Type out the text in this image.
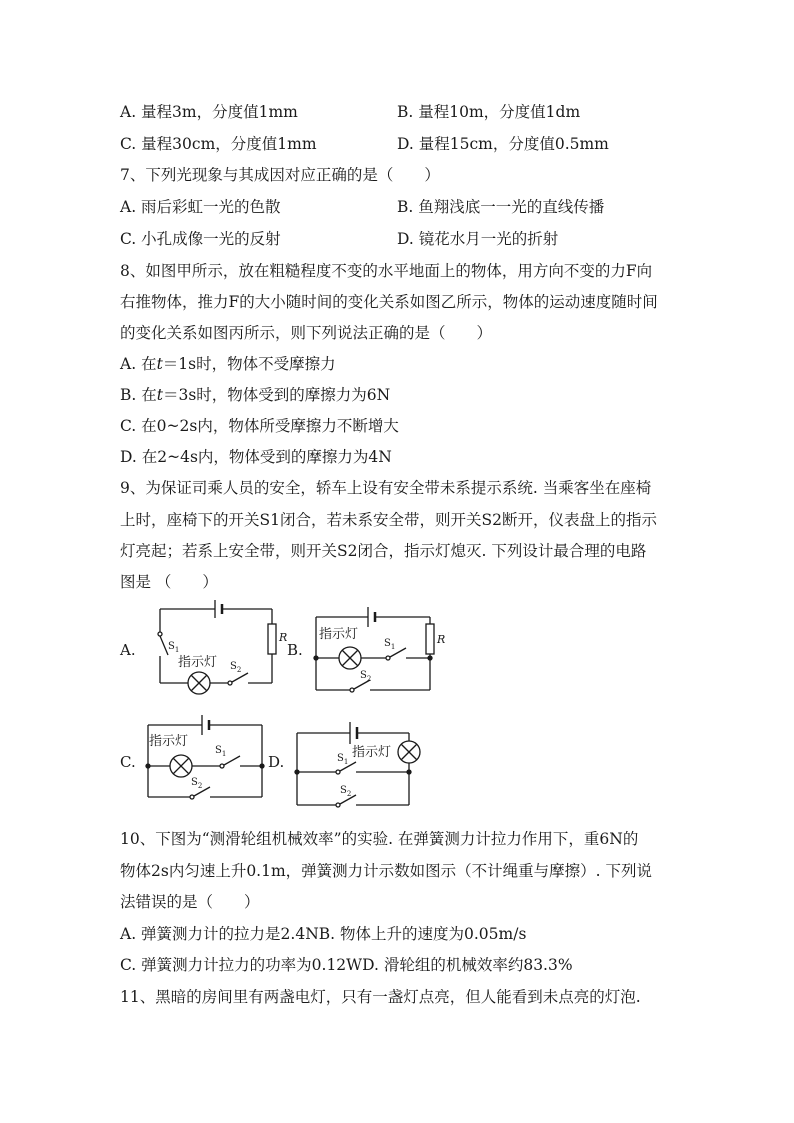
A. 量程3m，分度值1mm	B. 量程10m，分度值1dm
C. 量程30cm，分度值1mm	D. 量程15cm，分度值0.5mm
7、下列光现象与其成因对应正确的是（　　）
A. 雨后彩虹一光的色散	B. 鱼翔浅底一一光的直线传播
C. 小孔成像一光的反射	D. 镜花水月一光的折射
8、如图甲所示，放在粗糙程度不变的水平地面上的物体，用方向不变的力F向
右推物体，推力F的大小随时间的变化关系如图乙所示，物体的运动速度随时间
的变化关系如图丙所示，则下列说法正确的是（　　）
A. 在t＝1s时，物体不受摩擦力
B. 在t＝3s时，物体受到的摩擦力为6N
C. 在0~2s内，物体所受摩擦力不断增大
D. 在2~4s内，物体受到的摩擦力为4N
9、为保证司乘人员的安全，轿车上设有安全带未系提示系统. 当乘客坐在座椅
上时，座椅下的开关S1闭合，若未系安全带，则开关S2断开，仪表盘上的指示
灯亮起；若系上安全带，则开关S2闭合，指示灯熄灭. 下列设计最合理的电路
图是 （　　）
A.	B.
C.	D.
$S_1$
指示灯 $S_2$
R 指示灯
$S_1$
$S_2$
R
指示灯
$S_1$
$S_2$
$S_1$
指示灯
$S_2$
10、下图为“测滑轮组机械效率”的实验. 在弹簧测力计拉力作用下，重6N的
物体2s内匀速上升0.1m，弹簧测力计示数如图示（不计绳重与摩擦）. 下列说
法错误的是（　　）
A. 弹簧测力计的拉力是2.4NB. 物体上升的速度为0.05m/s
C. 弹簧测力计拉力的功率为0.12WD. 滑轮组的机械效率约83.3%
11、黑暗的房间里有两盏电灯，只有一盏灯点亮，但人能看到未点亮的灯泡.
